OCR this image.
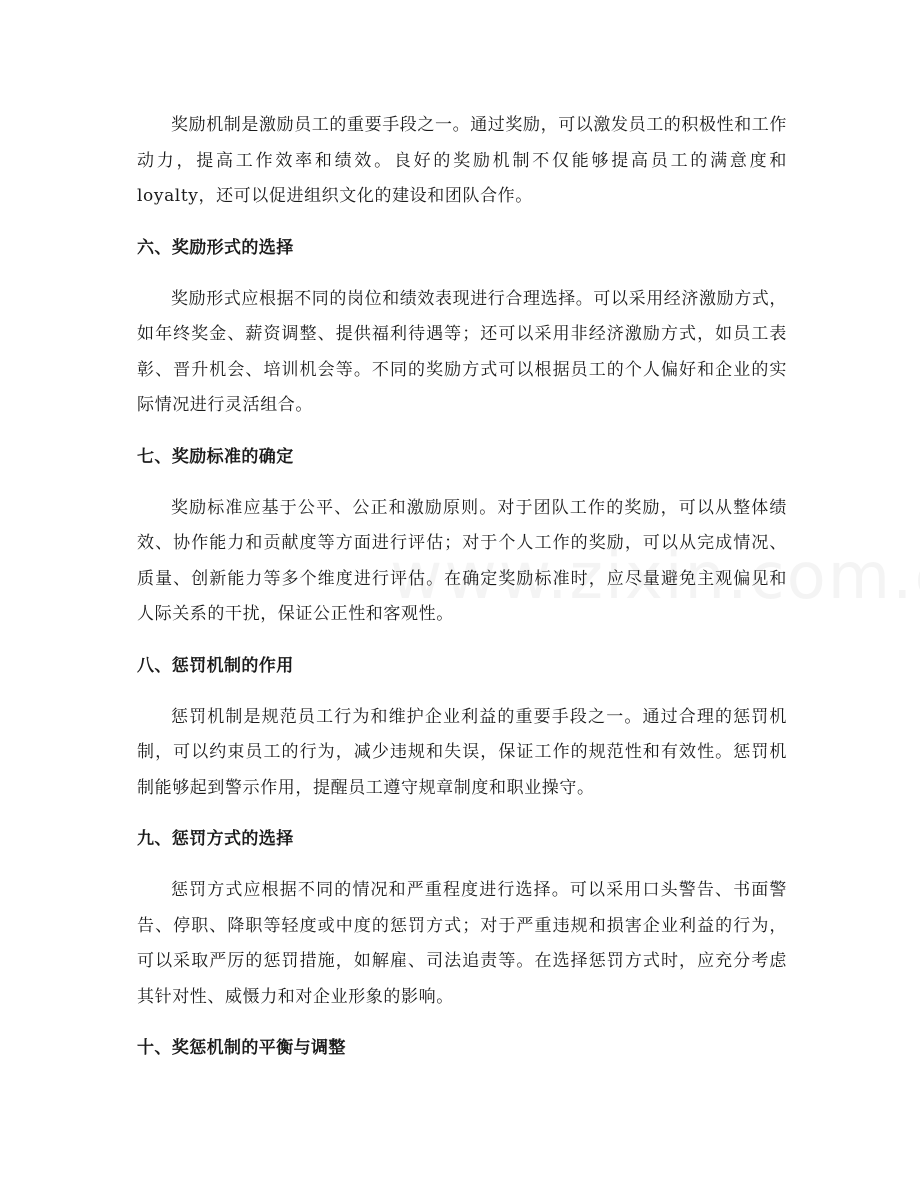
奖励机制是激励员工的重要手段之一。通过奖励，可以激发员工的积极性和工作动力，提高工作效率和绩效。良好的奖励机制不仅能够提高员工的满意度和loyalty，还可以促进组织文化的建设和团队合作。

六、奖励形式的选择

奖励形式应根据不同的岗位和绩效表现进行合理选择。可以采用经济激励方式，如年终奖金、薪资调整、提供福利待遇等；还可以采用非经济激励方式，如员工表彰、晋升机会、培训机会等。不同的奖励方式可以根据员工的个人偏好和企业的实际情况进行灵活组合。

七、奖励标准的确定

奖励标准应基于公平、公正和激励原则。对于团队工作的奖励，可以从整体绩效、协作能力和贡献度等方面进行评估；对于个人工作的奖励，可以从完成情况、质量、创新能力等多个维度进行评估。在确定奖励标准时，应尽量避免主观偏见和人际关系的干扰，保证公正性和客观性。

八、惩罚机制的作用

惩罚机制是规范员工行为和维护企业利益的重要手段之一。通过合理的惩罚机制，可以约束员工的行为，减少违规和失误，保证工作的规范性和有效性。惩罚机制能够起到警示作用，提醒员工遵守规章制度和职业操守。

九、惩罚方式的选择

惩罚方式应根据不同的情况和严重程度进行选择。可以采用口头警告、书面警告、停职、降职等轻度或中度的惩罚方式；对于严重违规和损害企业利益的行为，可以采取严厉的惩罚措施，如解雇、司法追责等。在选择惩罚方式时，应充分考虑其针对性、威慑力和对企业形象的影响。

十、奖惩机制的平衡与调整
